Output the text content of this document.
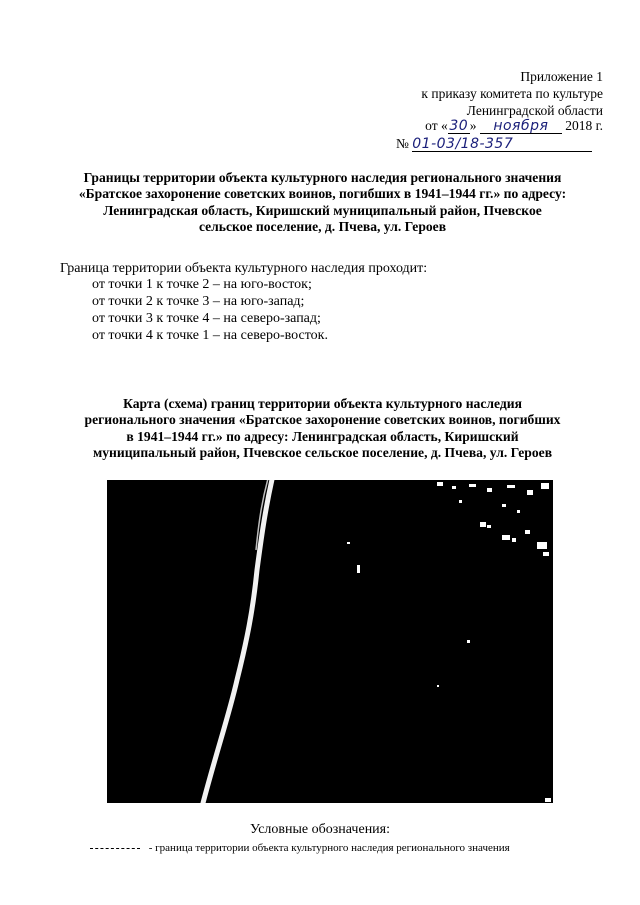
Приложение 1
к приказу комитета по культуре
Ленинградской области
от « 30 » ноября 2018 г.
№ 01-03/18-357
Границы территории объекта культурного наследия регионального значения
«Братское захоронение советских воинов, погибших в 1941–1944 гг.» по адресу:
Ленинградская область, Киришский муниципальный район, Пчевское
сельское поселение, д. Пчева, ул. Героев
Граница территории объекта культурного наследия проходит:
от точки 1 к точке 2 – на юго-восток;
от точки 2 к точке 3 – на юго-запад;
от точки 3 к точке 4 – на северо-запад;
от точки 4 к точке 1 – на северо-восток.
Карта (схема) границ территории объекта культурного наследия
регионального значения «Братское захоронение советских воинов, погибших
в 1941–1944 гг.» по адресу: Ленинградская область, Киришский
муниципальный район, Пчевское сельское поселение, д. Пчева, ул. Героев
Условные обозначения:
- граница территории объекта культурного наследия регионального значения
